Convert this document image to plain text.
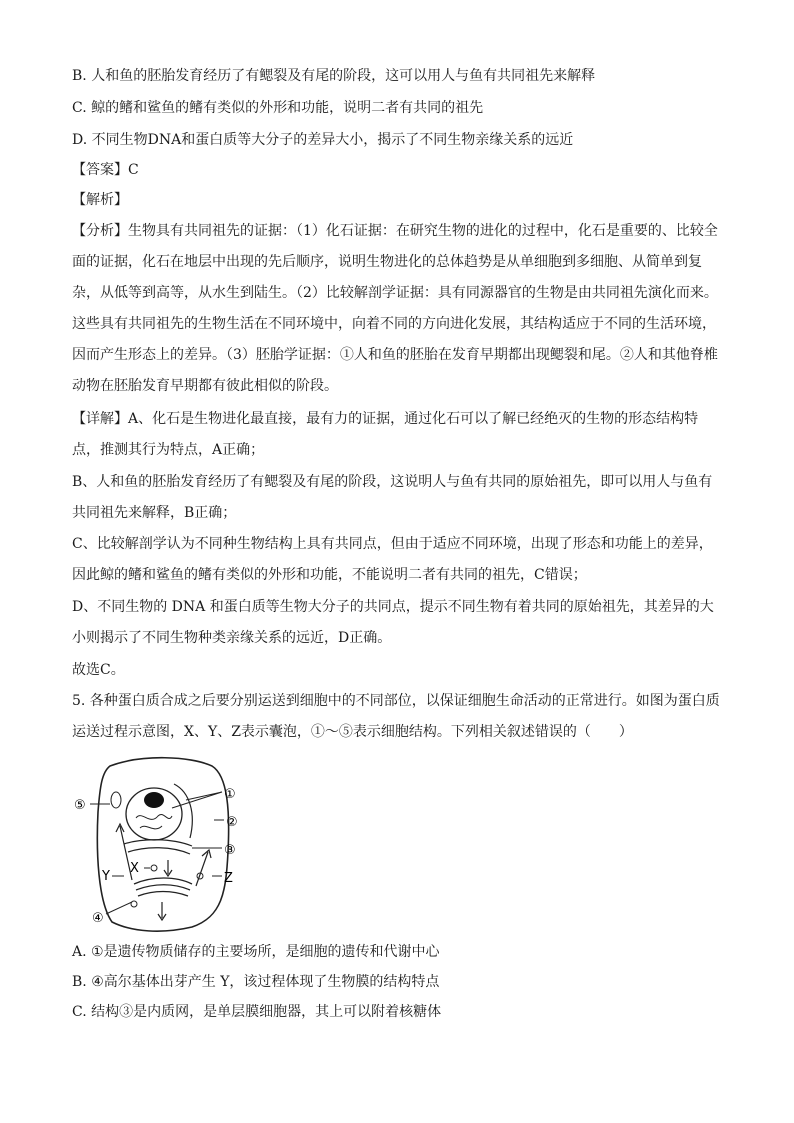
B. 人和鱼的胚胎发育经历了有鳃裂及有尾的阶段，这可以用人与鱼有共同祖先来解释
C. 鲸的鳍和鲨鱼的鳍有类似的外形和功能，说明二者有共同的祖先
D. 不同生物DNA和蛋白质等大分子的差异大小，揭示了不同生物亲缘关系的远近
【答案】C
【解析】
【分析】生物具有共同祖先的证据：（1）化石证据：在研究生物的进化的过程中，化石是重要的、比较全面的证据，化石在地层中出现的先后顺序，说明生物进化的总体趋势是从单细胞到多细胞、从简单到复杂，从低等到高等，从水生到陆生。（2）比较解剖学证据：具有同源器官的生物是由共同祖先演化而来。这些具有共同祖先的生物生活在不同环境中，向着不同的方向进化发展，其结构适应于不同的生活环境，因而产生形态上的差异。（3）胚胎学证据：①人和鱼的胚胎在发育早期都出现鳃裂和尾。②人和其他脊椎动物在胚胎发育早期都有彼此相似的阶段。
【详解】A、化石是生物进化最直接，最有力的证据，通过化石可以了解已经绝灭的生物的形态结构特点，推测其行为特点，A正确；
B、人和鱼的胚胎发育经历了有鳃裂及有尾的阶段，这说明人与鱼有共同的原始祖先，即可以用人与鱼有共同祖先来解释，B正确；
C、比较解剖学认为不同种生物结构上具有共同点，但由于适应不同环境，出现了形态和功能上的差异，因此鲸的鳍和鲨鱼的鳍有类似的外形和功能，不能说明二者有共同的祖先，C错误；
D、不同生物的 DNA 和蛋白质等生物大分子的共同点，提示不同生物有着共同的原始祖先，其差异的大小则揭示了不同生物种类亲缘关系的远近，D正确。
故选C。
5. 各种蛋白质合成之后要分别运送到细胞中的不同部位，以保证细胞生命活动的正常进行。如图为蛋白质运送过程示意图，X、Y、Z表示囊泡，①～⑤表示细胞结构。下列相关叙述错误的（　　）
①
②
③
Z
⑤
Y
X
④
A. ①是遗传物质储存的主要场所，是细胞的遗传和代谢中心
B. ④高尔基体出芽产生 Y，该过程体现了生物膜的结构特点
C. 结构③是内质网，是单层膜细胞器，其上可以附着核糖体
